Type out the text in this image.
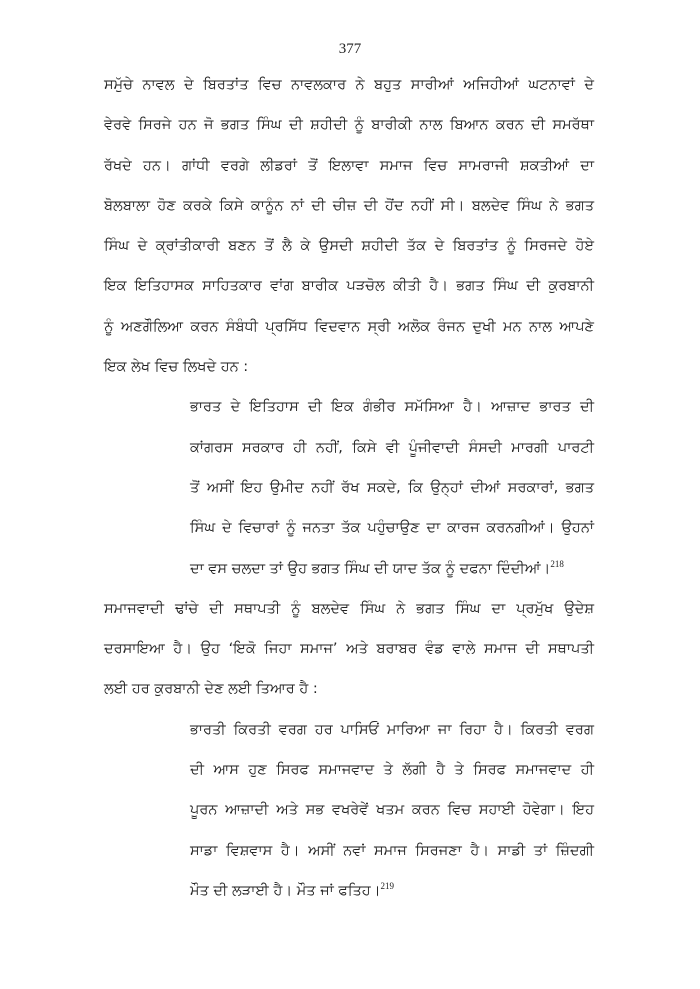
377
ਸਮੁੱਚੇ ਨਾਵਲ ਦੇ ਬਿਰਤਾਂਤ ਵਿਚ ਨਾਵਲਕਾਰ ਨੇ ਬਹੁਤ ਸਾਰੀਆਂ ਅਜਿਹੀਆਂ ਘਟਨਾਵਾਂ ਦੇ
ਵੇਰਵੇ ਸਿਰਜੇ ਹਨ ਜੋ ਭਗਤ ਸਿੰਘ ਦੀ ਸ਼ਹੀਦੀ ਨੂੰ ਬਾਰੀਕੀ ਨਾਲ ਬਿਆਨ ਕਰਨ ਦੀ ਸਮਰੱਥਾ
ਰੱਖਦੇ ਹਨ। ਗਾਂਧੀ ਵਰਗੇ ਲੀਡਰਾਂ ਤੋਂ ਇਲਾਵਾ ਸਮਾਜ ਵਿਚ ਸਾਮਰਾਜੀ ਸ਼ਕਤੀਆਂ ਦਾ
ਬੋਲਬਾਲਾ ਹੋਣ ਕਰਕੇ ਕਿਸੇ ਕਾਨੂੰਨ ਨਾਂ ਦੀ ਚੀਜ਼ ਦੀ ਹੋਂਦ ਨਹੀਂ ਸੀ। ਬਲਦੇਵ ਸਿੰਘ ਨੇ ਭਗਤ
ਸਿੰਘ ਦੇ ਕ੍ਰਾਂਤੀਕਾਰੀ ਬਣਨ ਤੋਂ ਲੈ ਕੇ ਉਸਦੀ ਸ਼ਹੀਦੀ ਤੱਕ ਦੇ ਬਿਰਤਾਂਤ ਨੂੰ ਸਿਰਜਦੇ ਹੋਏ
ਇਕ ਇਤਿਹਾਸਕ ਸਾਹਿਤਕਾਰ ਵਾਂਗ ਬਾਰੀਕ ਪੜਚੋਲ ਕੀਤੀ ਹੈ। ਭਗਤ ਸਿੰਘ ਦੀ ਕੁਰਬਾਨੀ
ਨੂੰ ਅਣਗੌਲਿਆ ਕਰਨ ਸੰਬੰਧੀ ਪ੍ਰਸਿੱਧ ਵਿਦਵਾਨ ਸ੍ਰੀ ਅਲੋਕ ਰੰਜਨ ਦੁਖੀ ਮਨ ਨਾਲ ਆਪਣੇ
ਇਕ ਲੇਖ ਵਿਚ ਲਿਖਦੇ ਹਨ :
ਭਾਰਤ ਦੇ ਇਤਿਹਾਸ ਦੀ ਇਕ ਗੰਭੀਰ ਸਮੱਸਿਆ ਹੈ। ਆਜ਼ਾਦ ਭਾਰਤ ਦੀ
ਕਾਂਗਰਸ ਸਰਕਾਰ ਹੀ ਨਹੀਂ, ਕਿਸੇ ਵੀ ਪੂੰਜੀਵਾਦੀ ਸੰਸਦੀ ਮਾਰਗੀ ਪਾਰਟੀ
ਤੋਂ ਅਸੀਂ ਇਹ ਉਮੀਦ ਨਹੀਂ ਰੱਖ ਸਕਦੇ, ਕਿ ਉਨ੍ਹਾਂ ਦੀਆਂ ਸਰਕਾਰਾਂ, ਭਗਤ
ਸਿੰਘ ਦੇ ਵਿਚਾਰਾਂ ਨੂੰ ਜਨਤਾ ਤੱਕ ਪਹੁੰਚਾਉਣ ਦਾ ਕਾਰਜ ਕਰਨਗੀਆਂ। ਉਹਨਾਂ
ਦਾ ਵਸ ਚਲਦਾ ਤਾਂ ਉਹ ਭਗਤ ਸਿੰਘ ਦੀ ਯਾਦ ਤੱਕ ਨੂੰ ਦਫਨਾ ਦਿੰਦੀਆਂ।$^{218}$
ਸਮਾਜਵਾਦੀ ਢਾਂਚੇ ਦੀ ਸਥਾਪਤੀ ਨੂੰ ਬਲਦੇਵ ਸਿੰਘ ਨੇ ਭਗਤ ਸਿੰਘ ਦਾ ਪ੍ਰਮੁੱਖ ਉਦੇਸ਼
ਦਰਸਾਇਆ ਹੈ। ਉਹ ‘ਇਕੋ ਜਿਹਾ ਸਮਾਜ’ ਅਤੇ ਬਰਾਬਰ ਵੰਡ ਵਾਲੇ ਸਮਾਜ ਦੀ ਸਥਾਪਤੀ
ਲਈ ਹਰ ਕੁਰਬਾਨੀ ਦੇਣ ਲਈ ਤਿਆਰ ਹੈ :
ਭਾਰਤੀ ਕਿਰਤੀ ਵਰਗ ਹਰ ਪਾਸਿਓਂ ਮਾਰਿਆ ਜਾ ਰਿਹਾ ਹੈ। ਕਿਰਤੀ ਵਰਗ
ਦੀ ਆਸ ਹੁਣ ਸਿਰਫ ਸਮਾਜਵਾਦ ਤੇ ਲੱਗੀ ਹੈ ਤੇ ਸਿਰਫ ਸਮਾਜਵਾਦ ਹੀ
ਪੂਰਨ ਆਜ਼ਾਦੀ ਅਤੇ ਸਭ ਵਖਰੇਵੇਂ ਖਤਮ ਕਰਨ ਵਿਚ ਸਹਾਈ ਹੋਵੇਗਾ। ਇਹ
ਸਾਡਾ ਵਿਸ਼ਵਾਸ ਹੈ। ਅਸੀਂ ਨਵਾਂ ਸਮਾਜ ਸਿਰਜਣਾ ਹੈ। ਸਾਡੀ ਤਾਂ ਜ਼ਿੰਦਗੀ
ਮੌਤ ਦੀ ਲੜਾਈ ਹੈ। ਮੌਤ ਜਾਂ ਫਤਿਹ।$^{219}$
